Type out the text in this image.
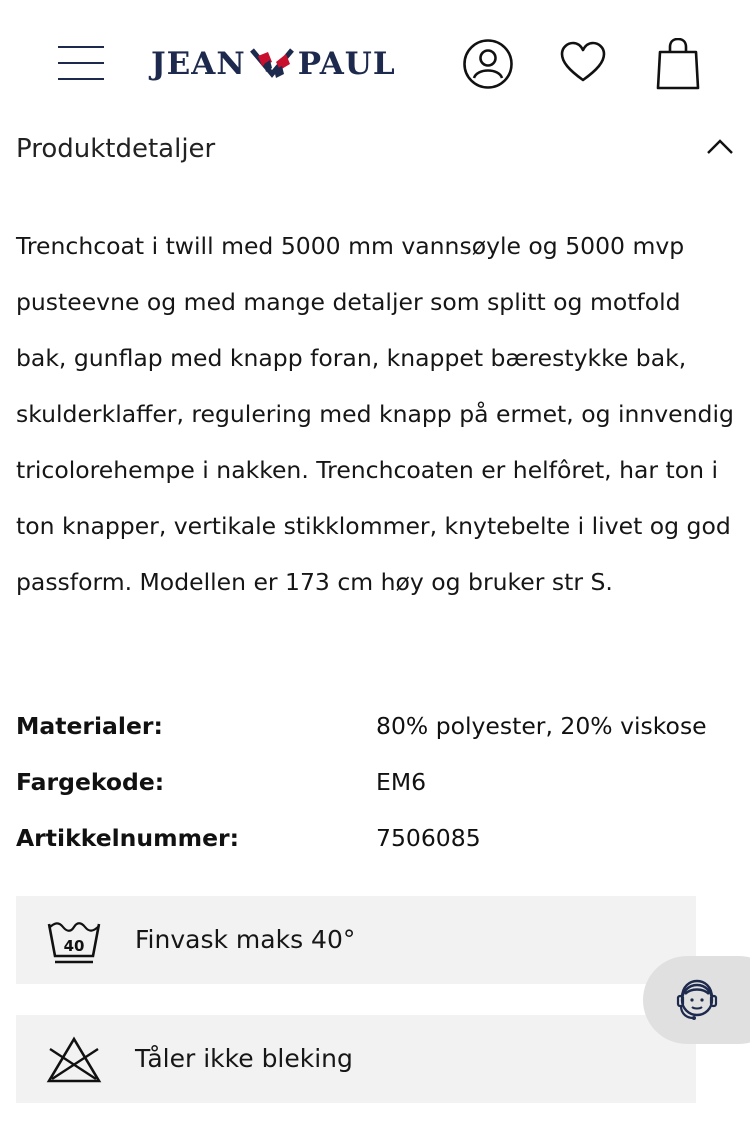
JEAN PAUL
Produktdetaljer

Trenchcoat i twill med 5000 mm vannsøyle og 5000 mvp pusteevne og med mange detaljer som splitt og motfold bak, gunflap med knapp foran, knappet bærestykke bak, skulderklaffer, regulering med knapp på ermet, og innvendig tricolorehempe i nakken. Trenchcoaten er helfôret, har ton i ton knapper, vertikale stikklommer, knytebelte i livet og god passform. Modellen er 173 cm høy og bruker str S.

Materialer:	80% polyester, 20% viskose
Fargekode:	EM6
Artikkelnummer:	7506085
40 Finvask maks 40°
Tåler ikke bleking
